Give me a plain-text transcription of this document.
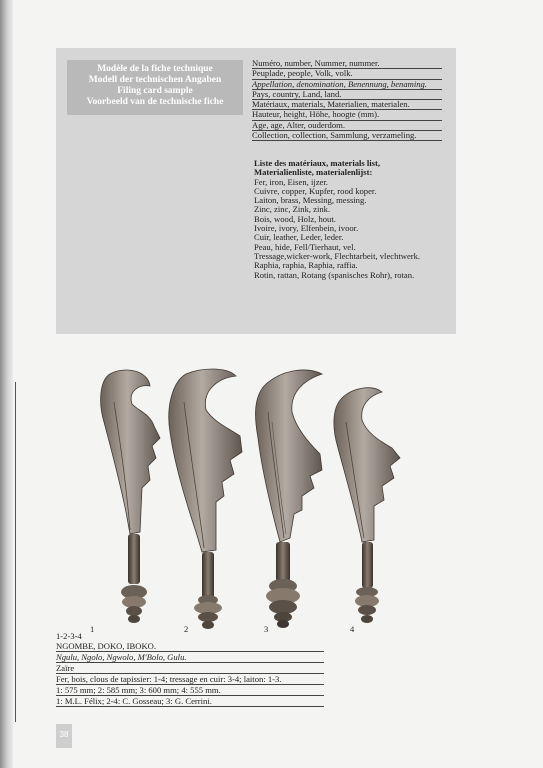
Modèle de la fiche technique
Modell der technischen Angaben
Filing card sample
Voorbeeld van de technische fiche
Numéro, number, Nummer, nummer.
Peuplade, people, Volk, volk.
Appellation, denomination, Benennung, benaming.
Pays, country, Land, land.
Matériaux, materials, Materialien, materialen.
Hauteur, height, Höhe, hoogte (mm).
Age, age, Alter, ouderdom.
Collection, collection, Sammlung, verzameling.
Liste des matériaux, materials list,
Materialienliste, materialenlijst:
Fer, iron, Eisen, ijzer.
Cuivre, copper, Kupfer, rood koper.
Laiton, brass, Messing, messing.
Zinc, zinc, Zink, zink.
Bois, wood, Holz, hout.
Ivoire, ivory, Elfenbein, ivoor.
Cuir, leather, Leder, leder.
Peau, hide, Fell/Tierhaut, vel.
Tressage,wicker-work, Flechtarbeit, vlechtwerk.
Raphia, raphia, Raphia, raffia.
Rotin, rattan, Rotang (spanisches Rohr), rotan.
1	2	3	4
1-2-3-4
NGOMBE, DOKO, IBOKO.
Ngulu, Ngolo, Ngwolo, M'Bolo, Gulu.
Zaïre
Fer, bois, clous de tapissier: 1-4; tressage en cuir: 3-4; laiton: 1-3.
1: 575 mm; 2: 585 mm; 3: 600 mm; 4: 555 mm.
1: M.L. Félix; 2-4: C. Gosseau; 3: G. Cerrini.
38
